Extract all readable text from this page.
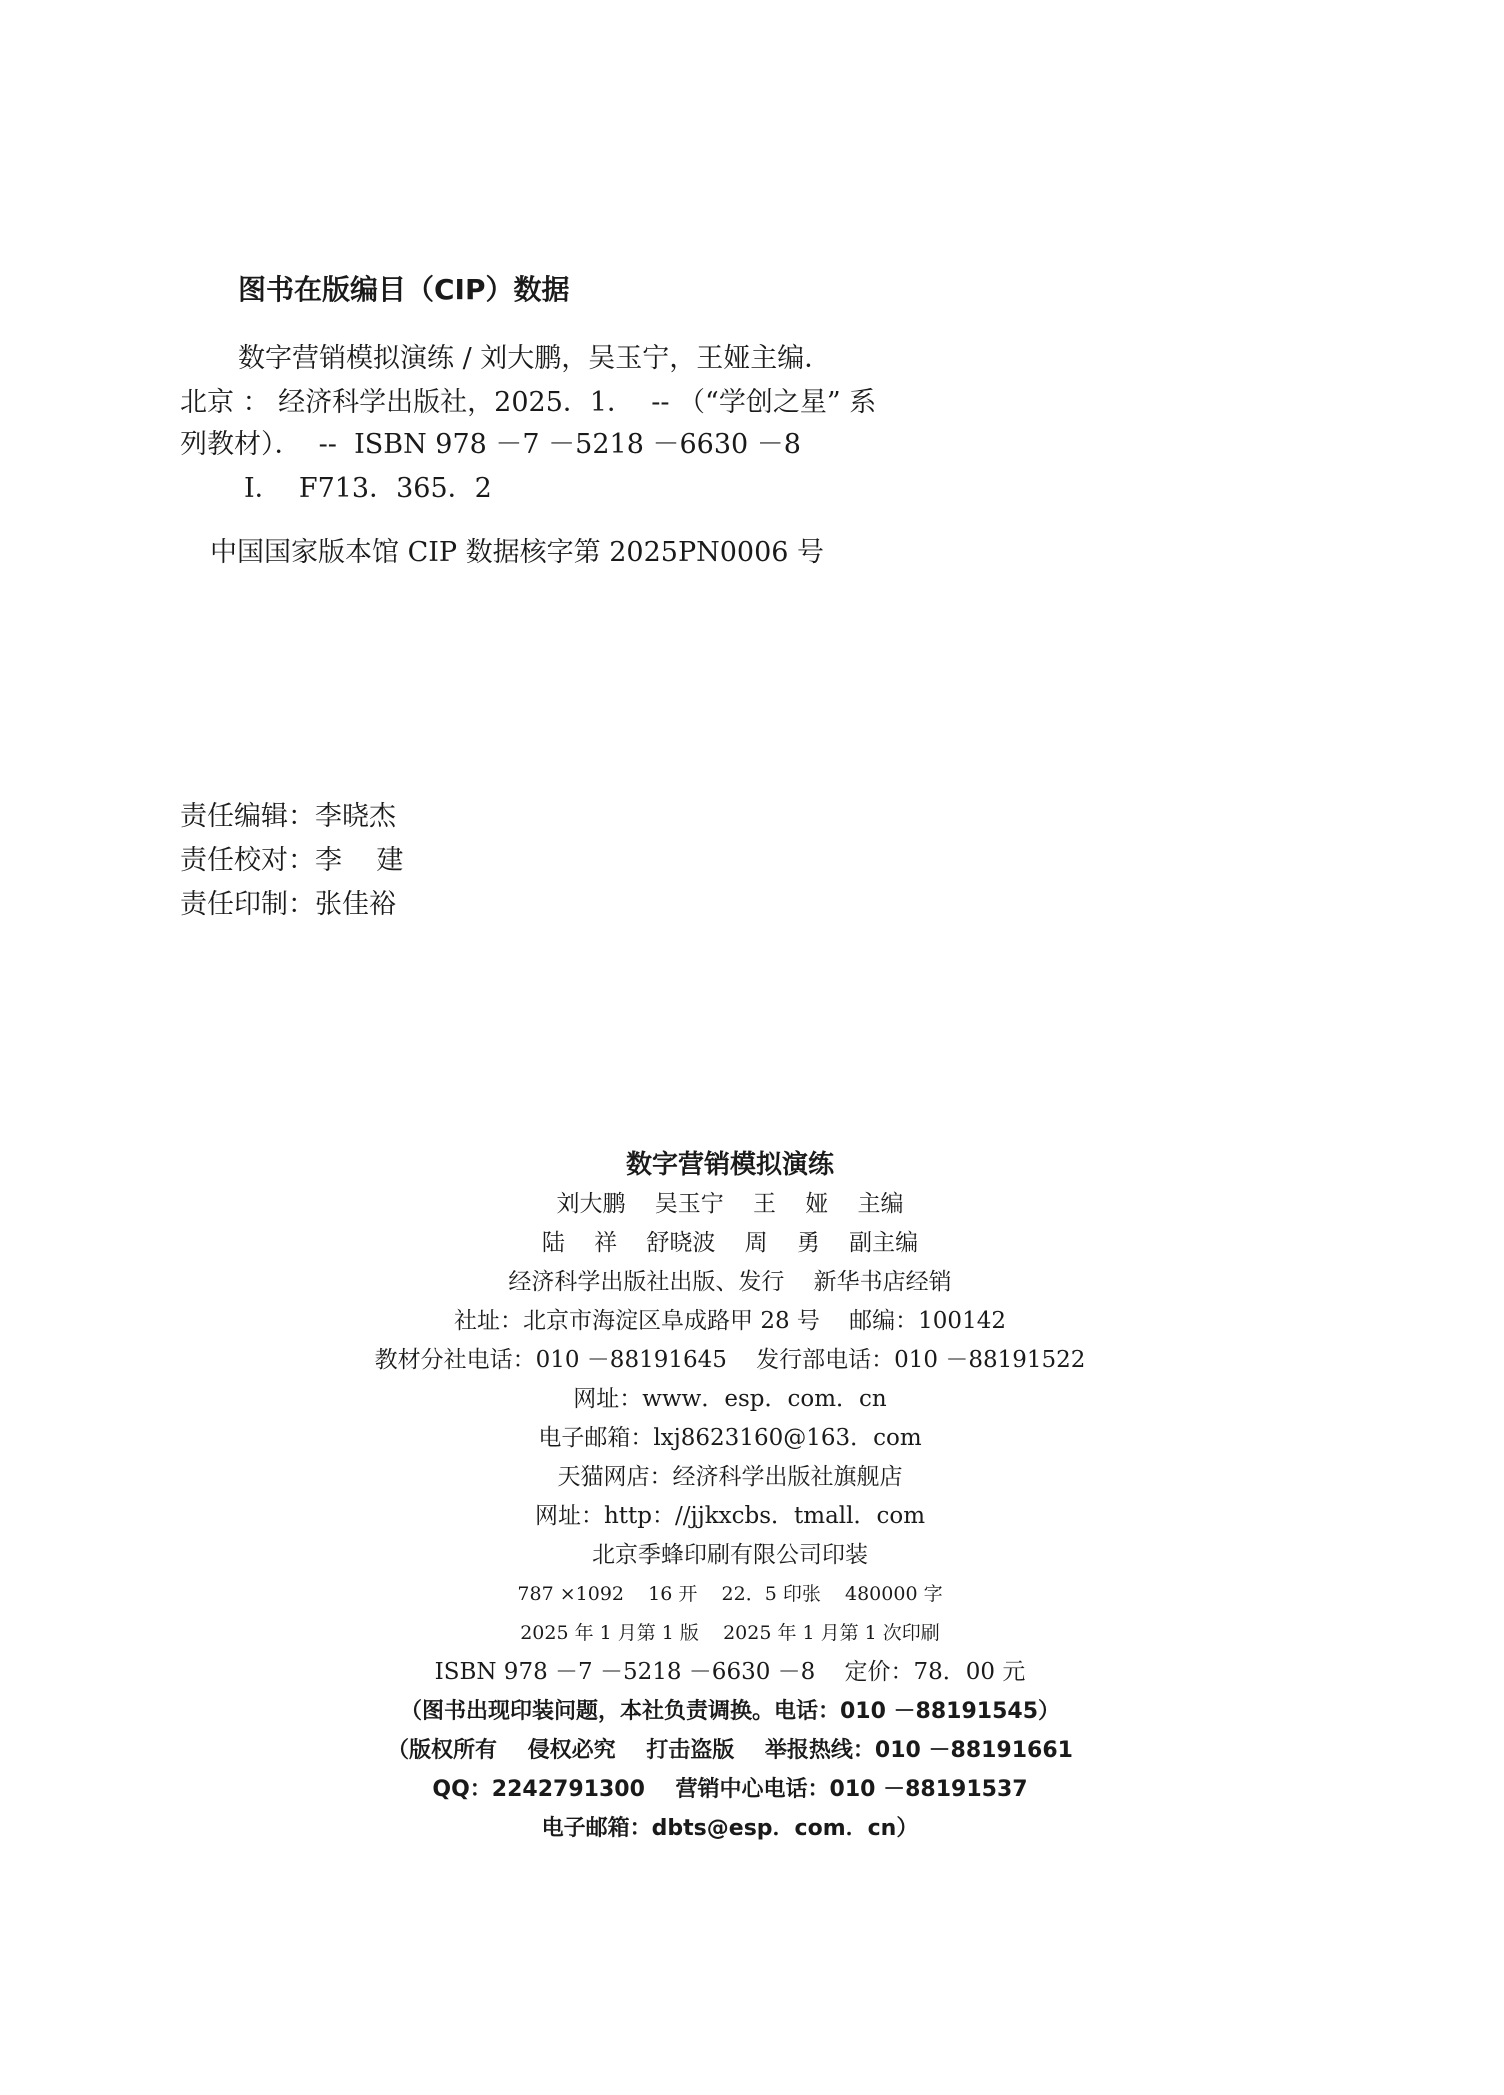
图书在版编目（CIP）数据
数字营销模拟演练 / 刘大鹏，吴玉宁，王娅主编．
北京 ： 经济科学出版社，2025．1．  -- （“学创之星” 系
列教材）．  --  ISBN 978 －7 －5218 －6630 －8
Ⅰ．  F713．365．2
中国国家版本馆 CIP 数据核字第 2025PN0006 号
责任编辑： 李晓杰
责任校对： 李    建
责任印制： 张佳裕
数字营销模拟演练
刘大鹏    吴玉宁    王    娅    主编
陆    祥    舒晓波    周    勇    副主编
经济科学出版社出版、发行    新华书店经销
社址：北京市海淀区阜成路甲 28 号    邮编：100142
教材分社电话：010 －88191645    发行部电话：010 －88191522
网址：www．esp．com．cn
电子邮箱：lxj8623160@163．com
天猫网店：经济科学出版社旗舰店
网址：http：//jjkxcbs．tmall．com
北京季蜂印刷有限公司印装
787 ×1092    16 开    22．5 印张    480000 字
2025 年 1 月第 1 版    2025 年 1 月第 1 次印刷
ISBN 978 －7 －5218 －6630 －8    定价：78．00 元
（图书出现印装问题，本社负责调换。电话：010 －88191545）
（版权所有    侵权必究    打击盗版    举报热线：010 －88191661
QQ：2242791300    营销中心电话：010 －88191537
电子邮箱：dbts@esp．com．cn）
